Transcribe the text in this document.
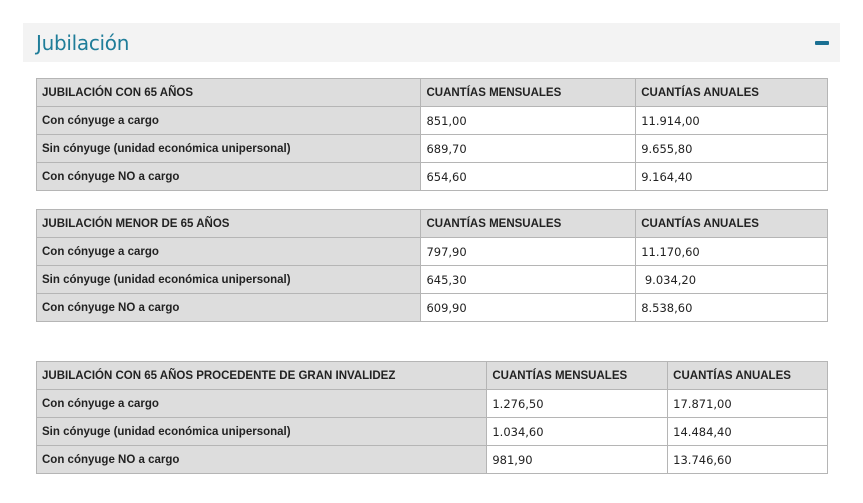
Jubilación
JUBILACIÓN CON 65 AÑOS	CUANTÍAS MENSUALES	CUANTÍAS ANUALES
Con cónyuge a cargo	851,00	11.914,00
Sin cónyuge (unidad económica unipersonal)	689,70	9.655,80
Con cónyuge NO a cargo	654,60	9.164,40
JUBILACIÓN MENOR DE 65 AÑOS	CUANTÍAS MENSUALES	CUANTÍAS ANUALES
Con cónyuge a cargo	797,90	11.170,60
Sin cónyuge (unidad económica unipersonal)	645,30	9.034,20
Con cónyuge NO a cargo	609,90	8.538,60
JUBILACIÓN CON 65 AÑOS PROCEDENTE DE GRAN INVALIDEZ	CUANTÍAS MENSUALES	CUANTÍAS ANUALES
Con cónyuge a cargo	1.276,50	17.871,00
Sin cónyuge (unidad económica unipersonal)	1.034,60	14.484,40
Con cónyuge NO a cargo	981,90	13.746,60
